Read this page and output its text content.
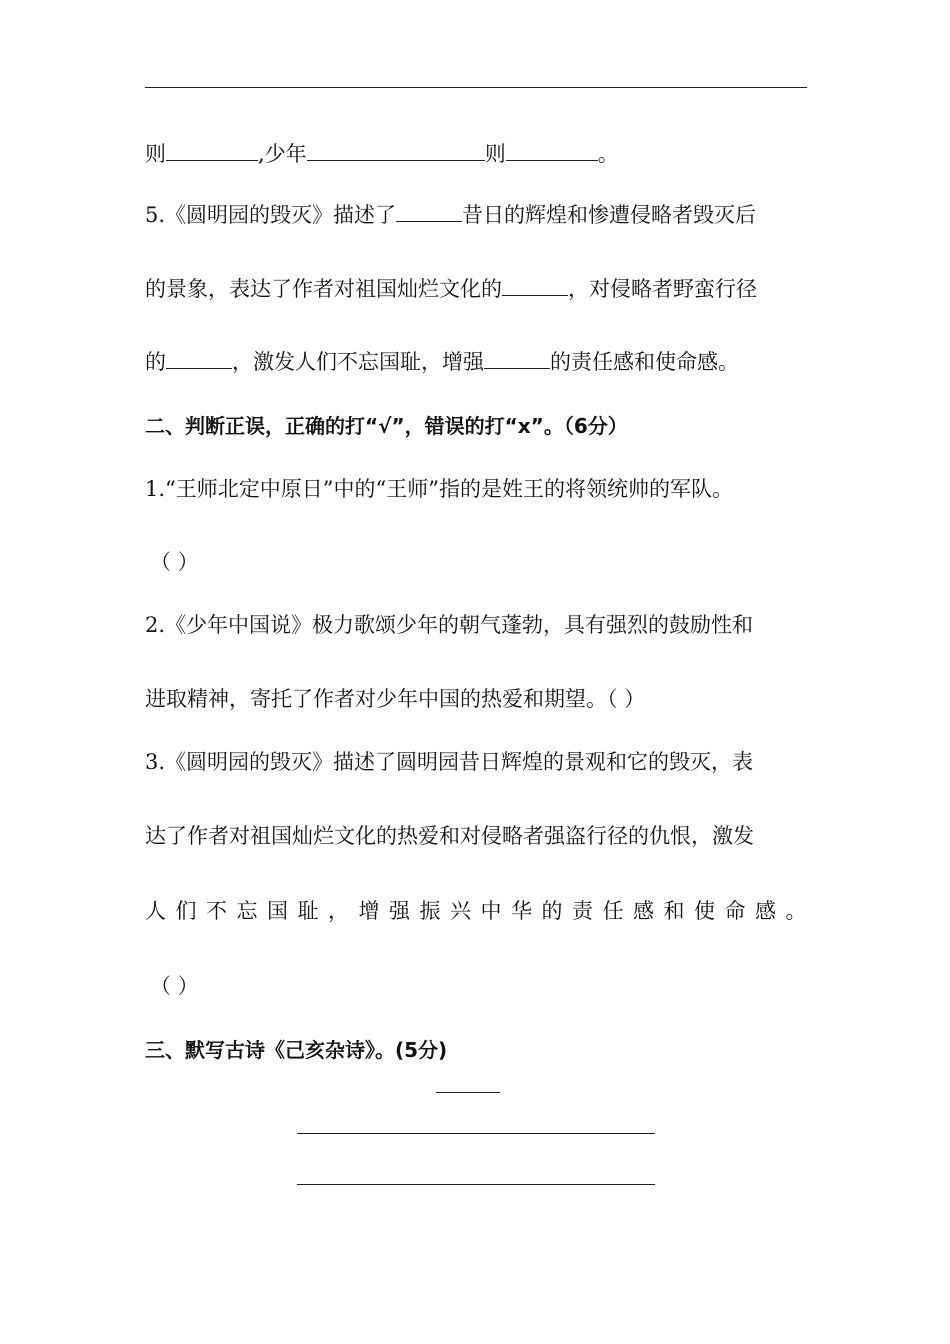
则	,少年	则	。
5.《圆明园的毁灭》描述了	昔日的辉煌和惨遭侵略者毁灭后
的景象，表达了作者对祖国灿烂文化的	，对侵略者野蛮行径
的	，激发人们不忘国耻，增强	的责任感和使命感。
二、判断正误，正确的打“√”，错误的打“x”。（6分）
1.“王师北定中原日”中的“王师”指的是姓王的将领统帅的军队。
（ ）
2.《少年中国说》极力歌颂少年的朝气蓬勃，具有强烈的鼓励性和
进取精神，寄托了作者对少年中国的热爱和期望。（ ）
3.《圆明园的毁灭》描述了圆明园昔日辉煌的景观和它的毁灭，表
达了作者对祖国灿烂文化的热爱和对侵略者强盗行径的仇恨，激发
人们不忘国耻，增强振兴中华的责任感和使命感。
（ ）
三、默写古诗《己亥杂诗》。(5分)
